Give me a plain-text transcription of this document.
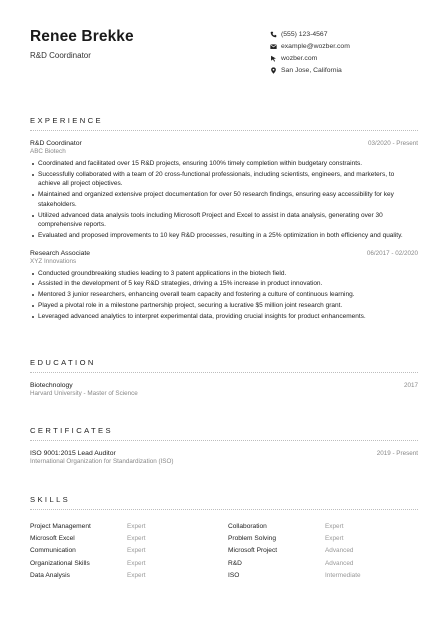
Renee Brekke
R&D Coordinator
(555) 123-4567
example@wozber.com
wozber.com
San Jose, California
EXPERIENCE
R&D Coordinator	03/2020 - Present
ABC Biotech
Coordinated and facilitated over 15 R&D projects, ensuring 100% timely completion within budgetary constraints.
Successfully collaborated with a team of 20 cross-functional professionals, including scientists, engineers, and marketers, to achieve all project objectives.
Maintained and organized extensive project documentation for over 50 research findings, ensuring easy accessibility for key stakeholders.
Utilized advanced data analysis tools including Microsoft Project and Excel to assist in data analysis, generating over 30 comprehensive reports.
Evaluated and proposed improvements to 10 key R&D processes, resulting in a 25% optimization in both efficiency and quality.
Research Associate	06/2017 - 02/2020
XYZ Innovations
Conducted groundbreaking studies leading to 3 patent applications in the biotech field.
Assisted in the development of 5 key R&D strategies, driving a 15% increase in product innovation.
Mentored 3 junior researchers, enhancing overall team capacity and fostering a culture of continuous learning.
Played a pivotal role in a milestone partnership project, securing a lucrative $5 million joint research grant.
Leveraged advanced analytics to interpret experimental data, providing crucial insights for product enhancements.
EDUCATION
Biotechnology	2017
Harvard University - Master of Science
CERTIFICATES
ISO 9001:2015 Lead Auditor	2019 - Present
International Organization for Standardization (ISO)
SKILLS
Project Management	Expert	Collaboration	Expert
Microsoft Excel	Expert	Problem Solving	Expert
Communication	Expert	Microsoft Project	Advanced
Organizational Skills	Expert	R&D	Advanced
Data Analysis	Expert	ISO	Intermediate
